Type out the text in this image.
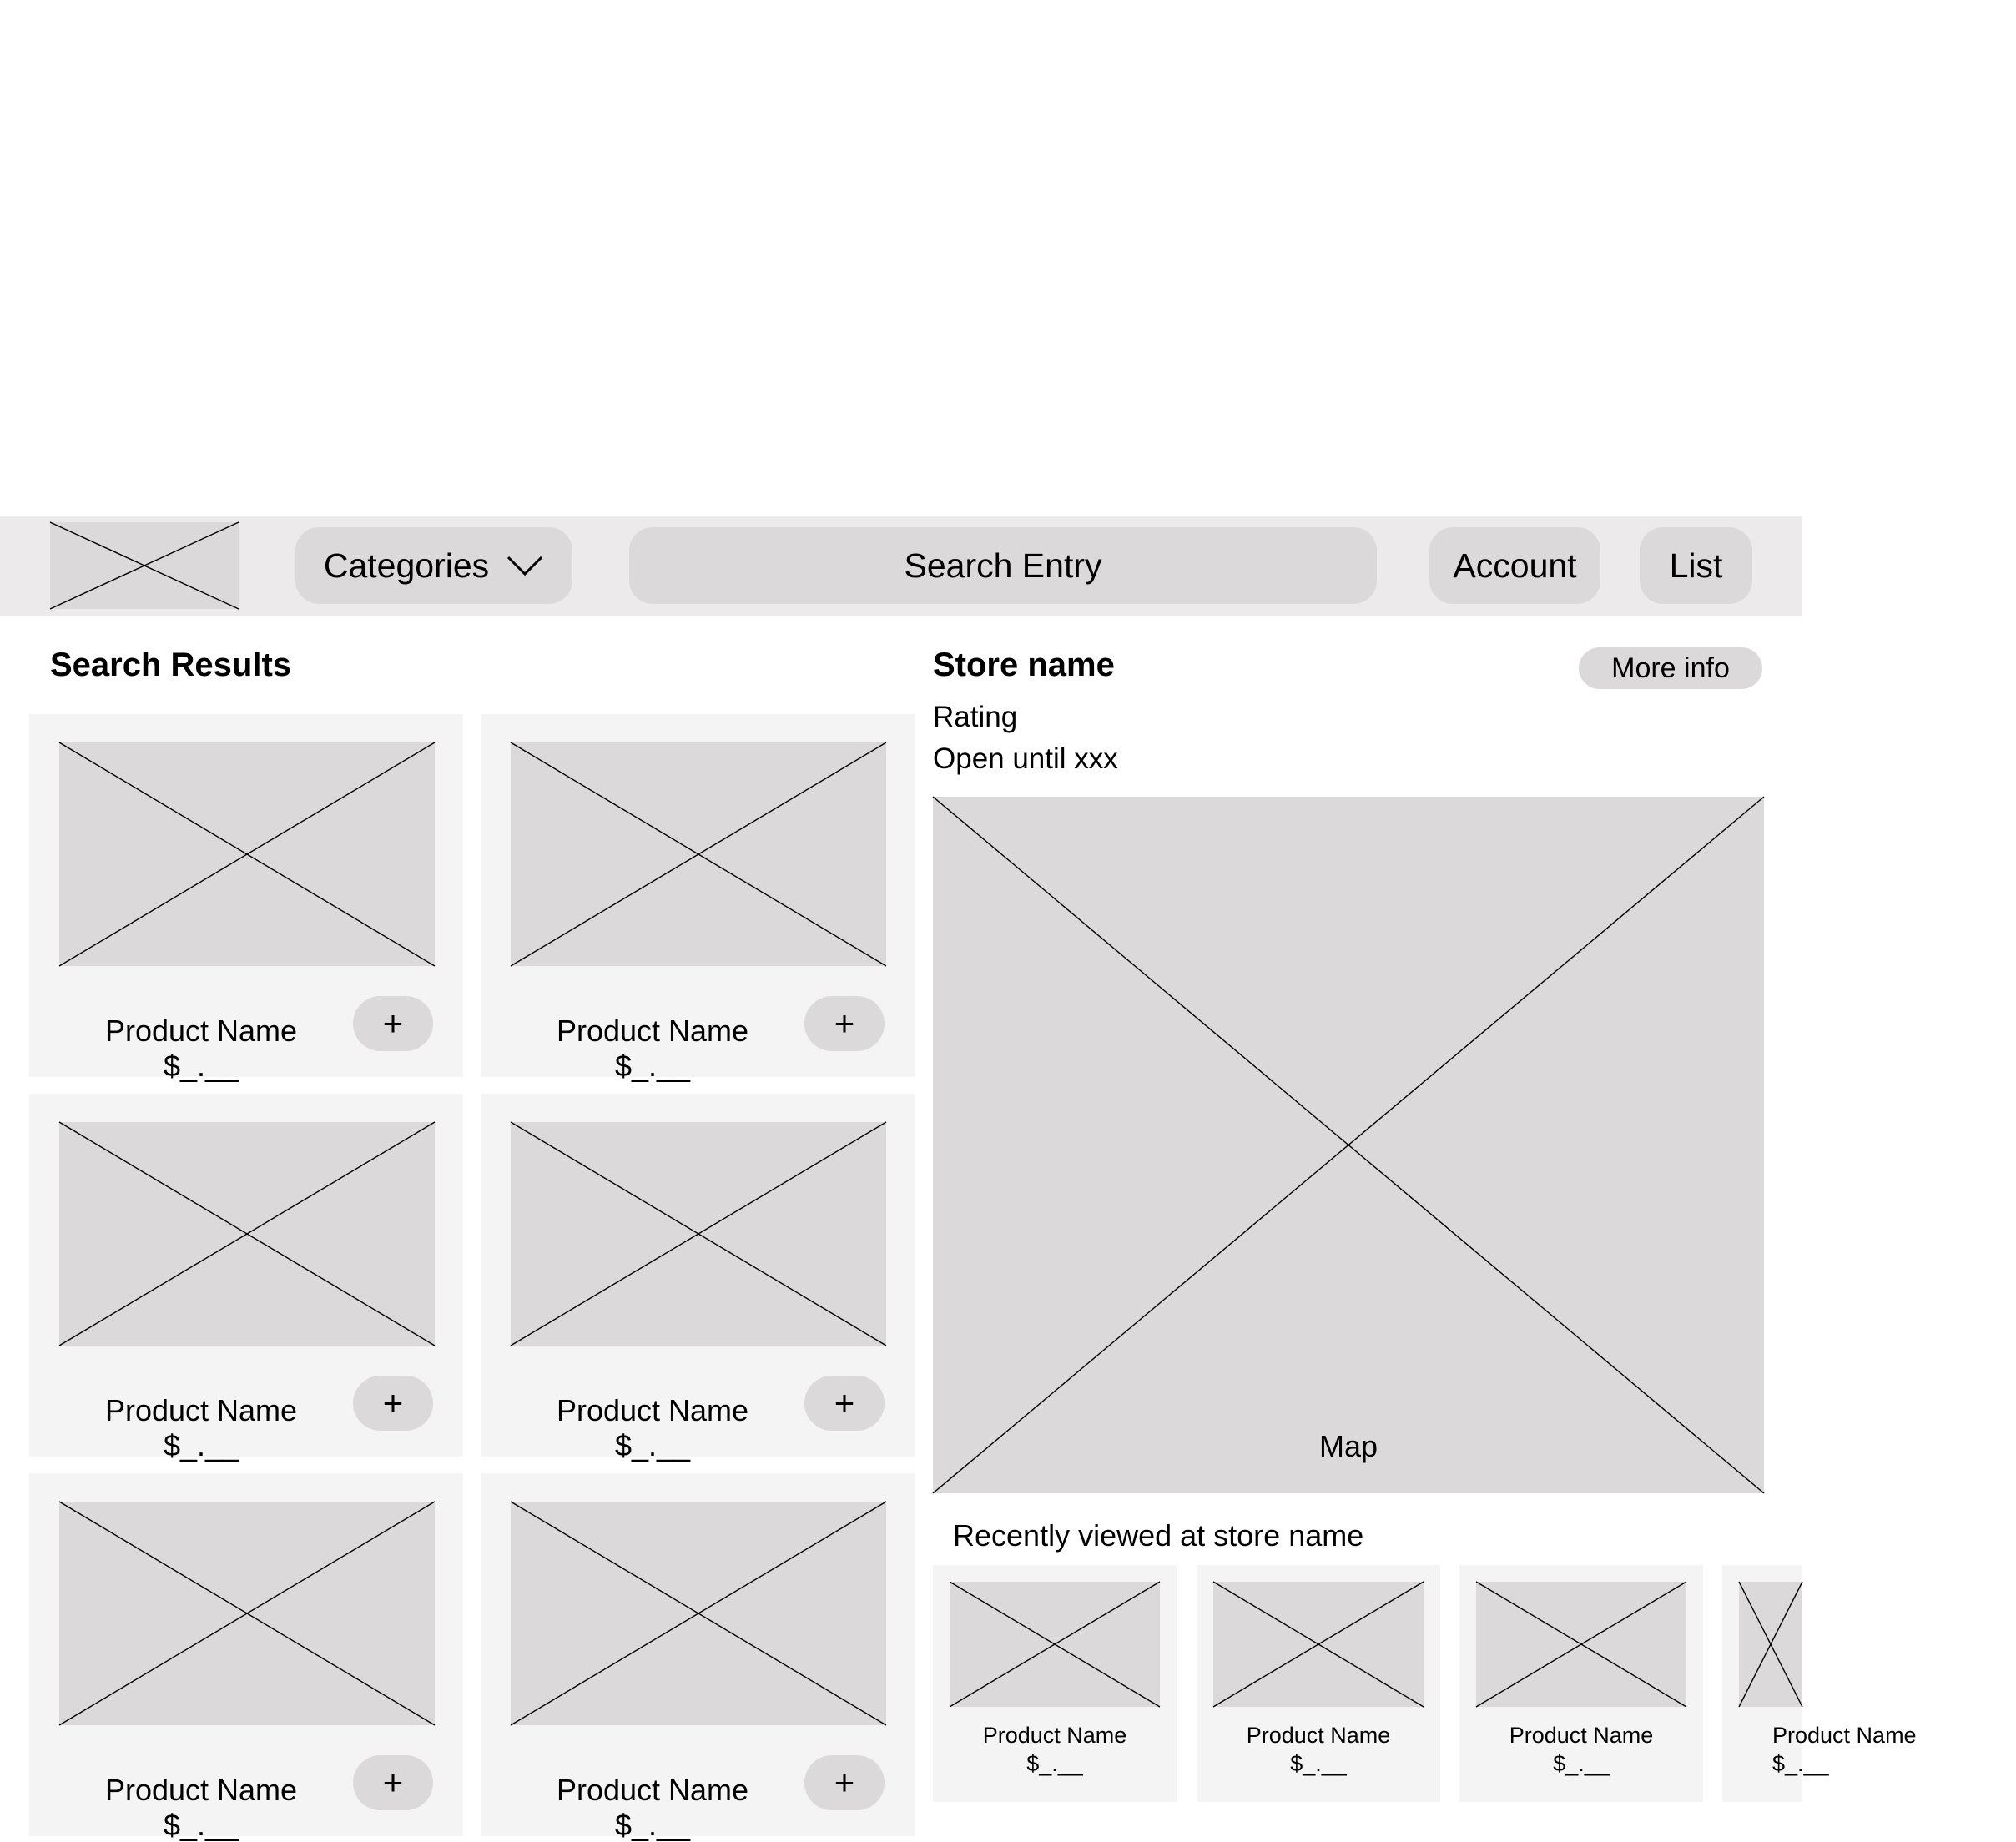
Categories	Search Entry	Account	List
Search Results
Product Name
$_.__
+	Product Name
$_.__
+
Product Name
$_.__
+	Product Name
$_.__
+
Product Name
$_.__
+	Product Name
$_.__
+
Store name	More info
Rating
Open until xxx
Map
Recently viewed at store name
Product Name
$_.__
Product Name
$_.__
Product Name
$_.__
Product Name
$_.__
